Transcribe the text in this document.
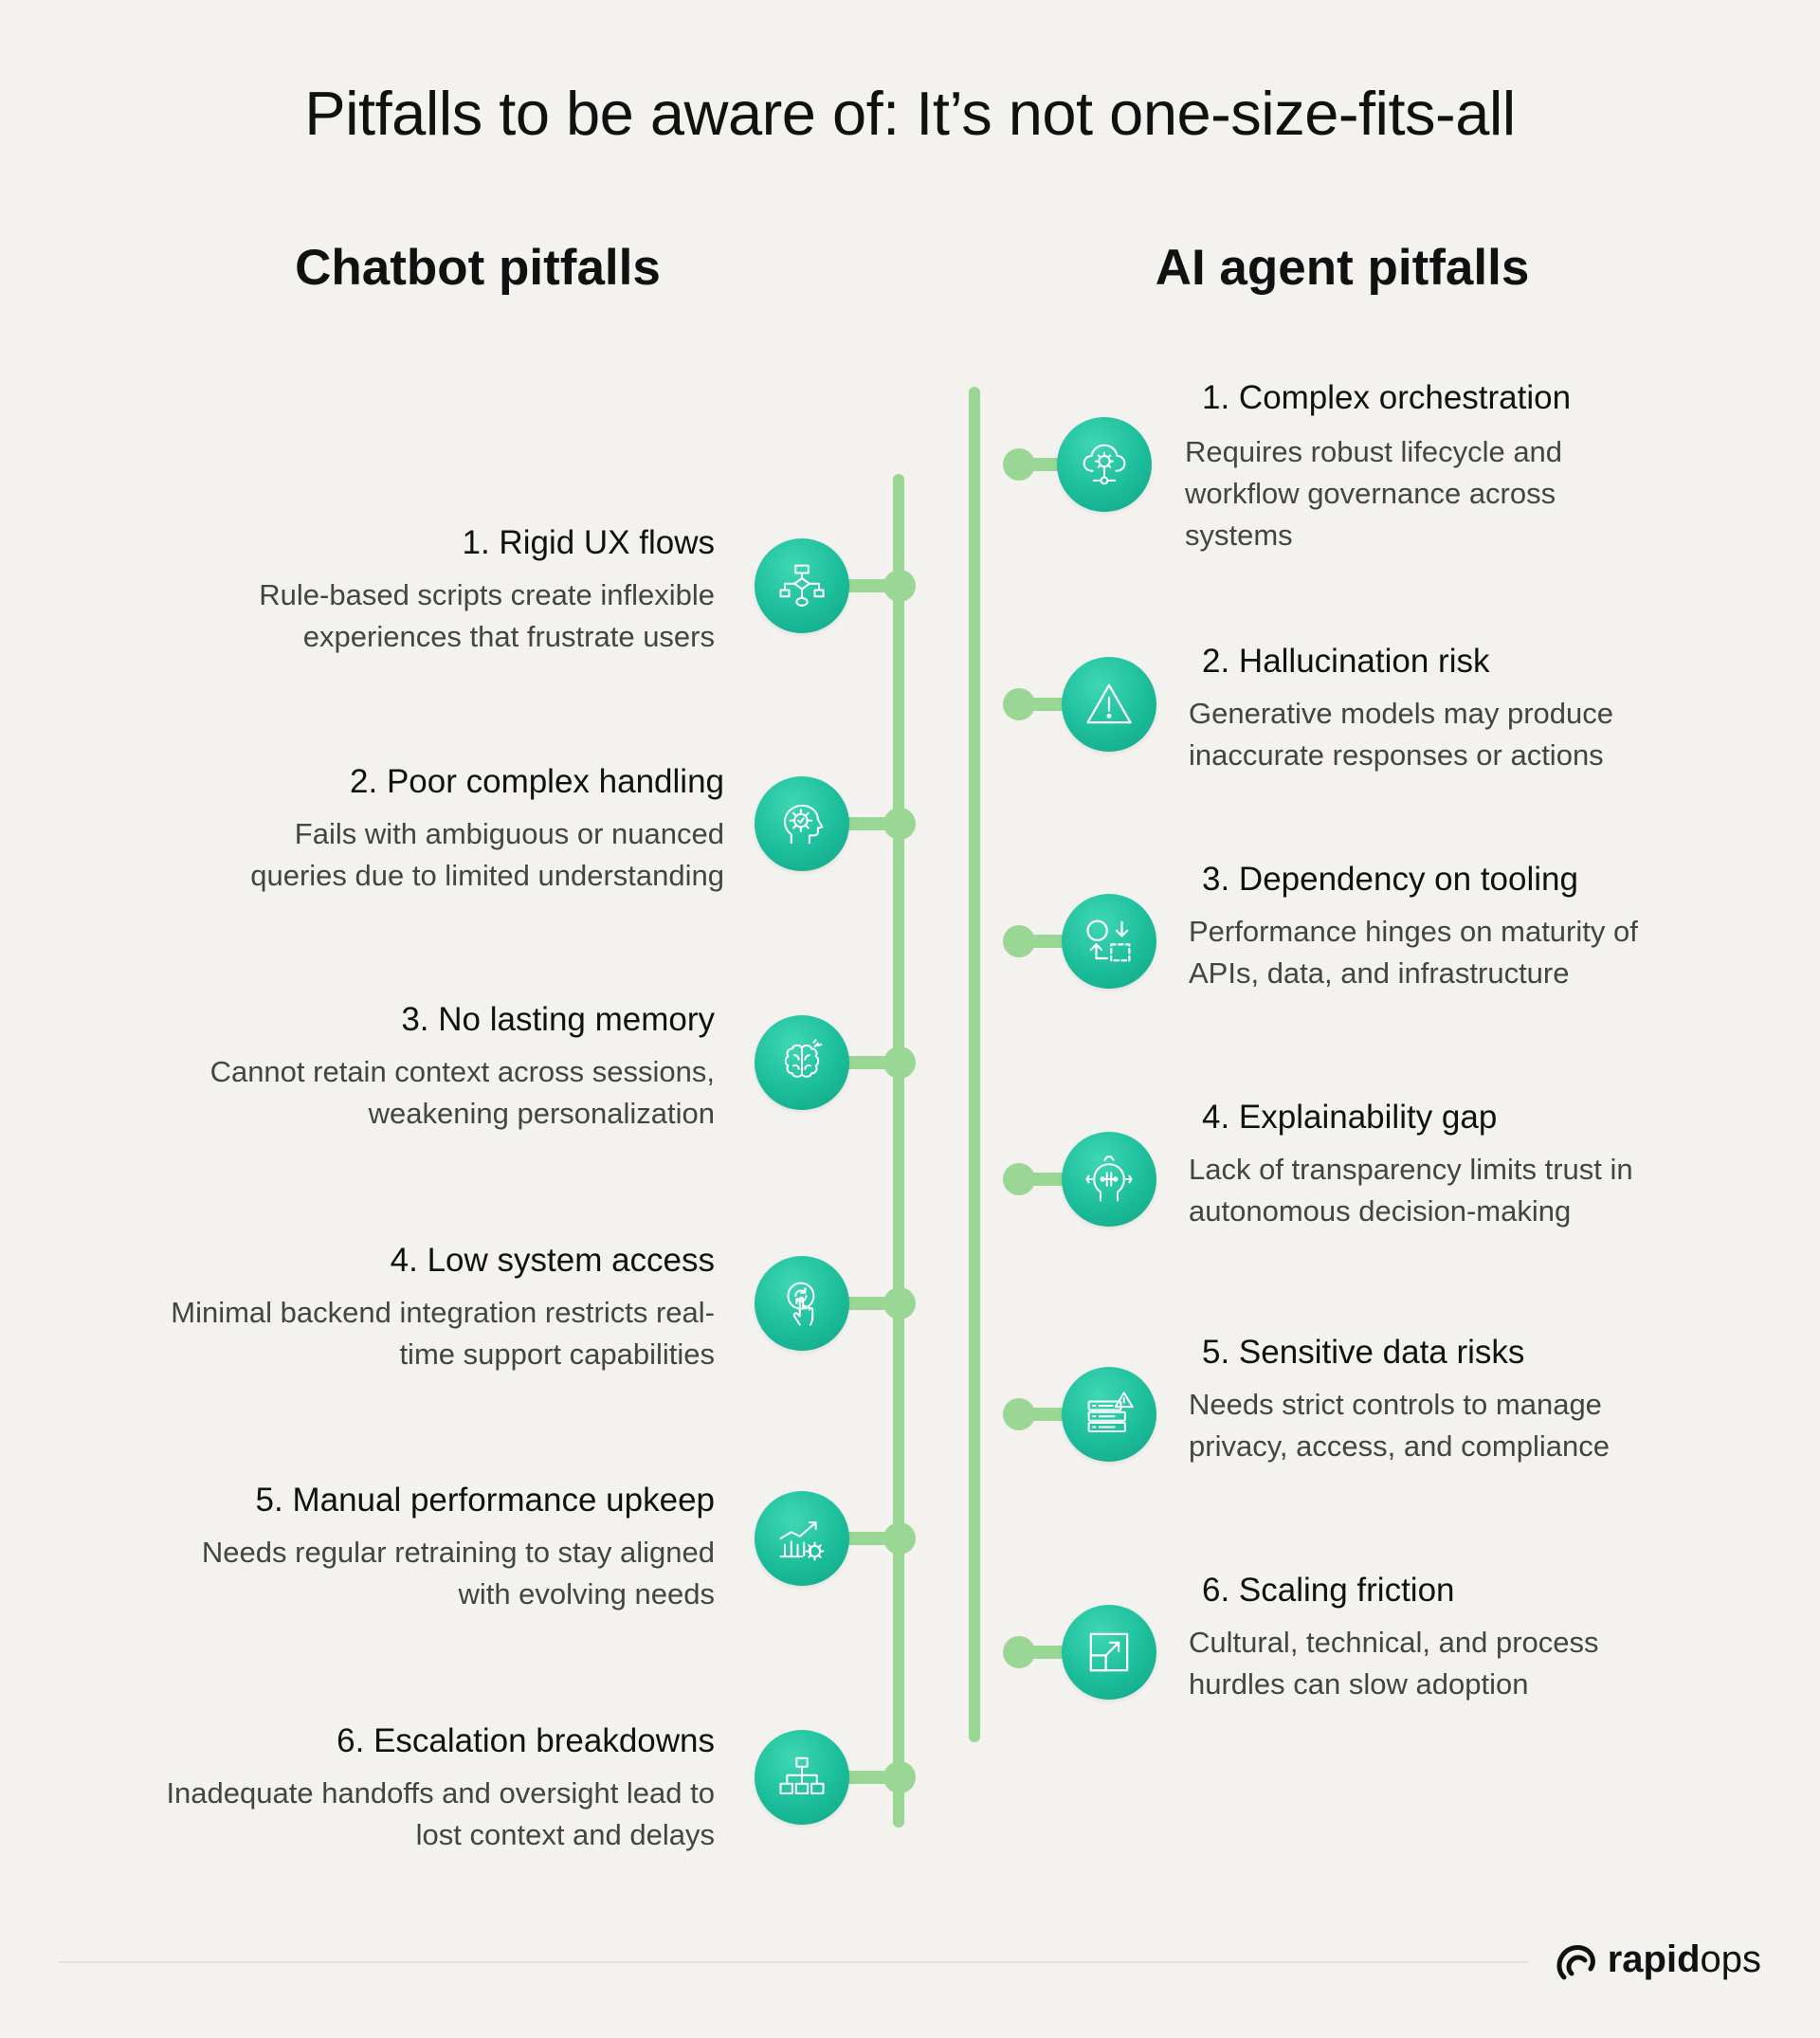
Pitfalls to be aware of: It’s not one-size-fits-all
Chatbot pitfalls	AI agent pitfalls
1. Rigid UX flows
Rule-based scripts create inflexible experiences that frustrate users
2. Poor complex handling
Fails with ambiguous or nuanced queries due to limited understanding
3. No lasting memory
Cannot retain context across sessions, weakening personalization
4. Low system access
Minimal backend integration restricts real-time support capabilities
5. Manual performance upkeep
Needs regular retraining to stay aligned with evolving needs
6. Escalation breakdowns
Inadequate handoffs and oversight lead to lost context and delays
1. Complex orchestration
Requires robust lifecycle and workflow governance across systems
2. Hallucination risk
Generative models may produce inaccurate responses or actions
3. Dependency on tooling
Performance hinges on maturity of APIs, data, and infrastructure
4. Explainability gap
Lack of transparency limits trust in autonomous decision-making
5. Sensitive data risks
Needs strict controls to manage privacy, access, and compliance
6. Scaling friction
Cultural, technical, and process hurdles can slow adoption
rapidops
